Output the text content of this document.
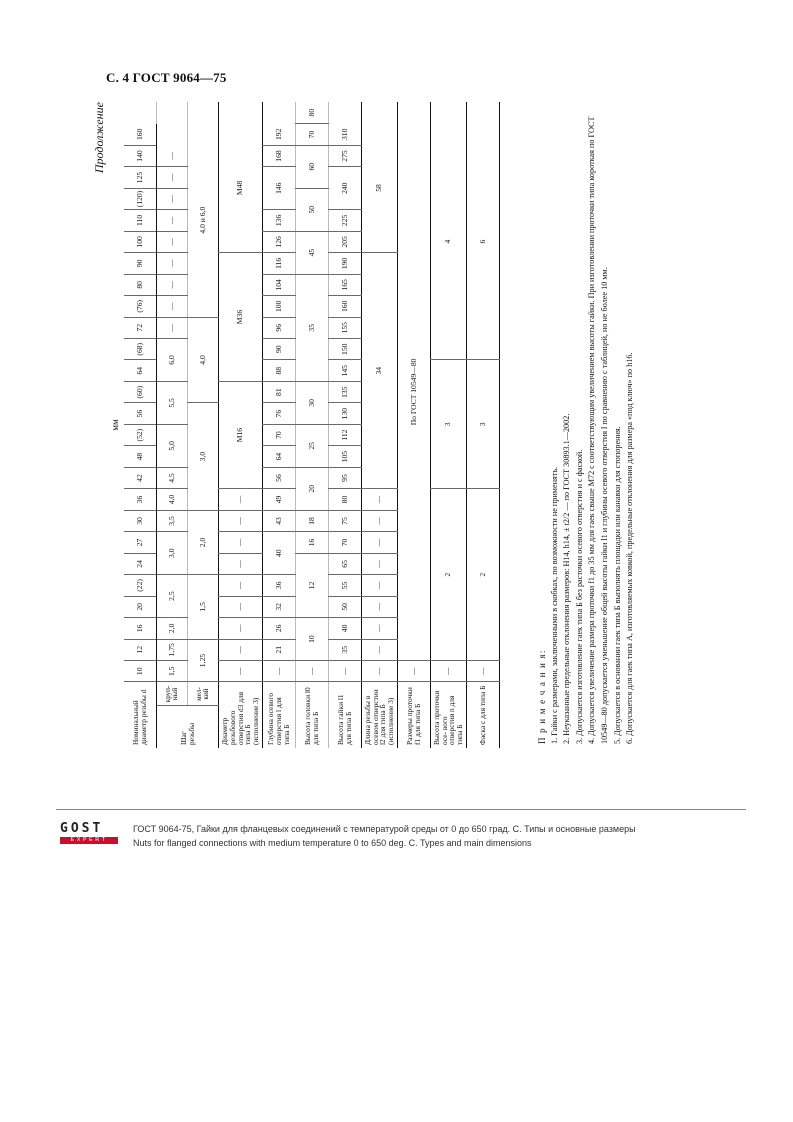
С. 4 ГОСТ 9064—75
Продолжение
мм
Номинальный диаметр резьбы d		10	12	16	20	(22)	24	27	30	36	42	48	(52)	56	(60)	64	(68)	72	(76)	80	90	100	110	(120)	125	140	160	
Шаг резьбы	круп- ный	1,5	1,75	2,0	2,5		3,0		3,5	4,0	4,5	5,0		5,5		6,0		—	—	—	—	—	—	—	—	—		
	мел- кий	1,25		1,5			2,0			3,0					4,0				4,0 и 6,0									
Диаметр резьбового отверстия d3 для типа Б (исполнение 3)		—	—	—	—	—	—	—	—	—	М16					М36						М48						
Глубина осевого отверстия l для типа Б		—	21	26	32	36	40		43	49	56	64	70	76	81	88	90	96	100	104	116	126	136	146		168	192	
Высота головки l0 для типа Б		—	10		12			16	18	20		25		30		35					45		50		60		70	80
Высота гайки l1 для типа Б		—	35	40	50	55	65	70	75	80	95	105	112	130	135	145	150	155	160	165	190	205	225	240		275	310	
Длина резьбы в осевом отверстии l2 для типа Б (исполнение 3)		—	—	—	—	—	—	—	—	—	34											58						
Размеры проточки f1 для типа Б		—	По ГОСТ 10549—80																									
Высота проточки осе- вого отверстия n для типа Б		—	2								3						4											
Фаска c для типа Б		—	2								3						6											

П р и м е ч а н и я: 1. Гайки с размерами, заключенными в скобках, по возможности не применять. 2. Неуказанные предельные отклонения размеров: H14, h14, ± t2/2 — по ГОСТ 30893.1—2002. 3. Допускается изготовление гаек типа Б без расточки осевого отверстия и с фаской. 4. Допускается увеличение размера проточки f1 до 35 мм для гаек свыше М72 с соответствующим увеличением высоты гайки. При изготовлении проточки типа короткая по ГОСТ 10549—80 допускается уменьшение общей высоты гайки l1 и глубины осевого отверстия l по сравнению с таблицей, но не более 10 мм. 5. Допускается в основании гаек типа Б выполнять площадки или канавки для стопорения. 6. Допускается для гаек типа А, изготовляемых ковкой, предельные отклонения для размера «под ключ» по h16.

GOST
EXPERT
ГОСТ 9064-75, Гайки для фланцевых соединений с температурой среды от 0 до 650 град. С. Типы и основные размеры
Nuts for flanged connections with medium temperature 0 to 650 deg. C. Types and main dimensions
